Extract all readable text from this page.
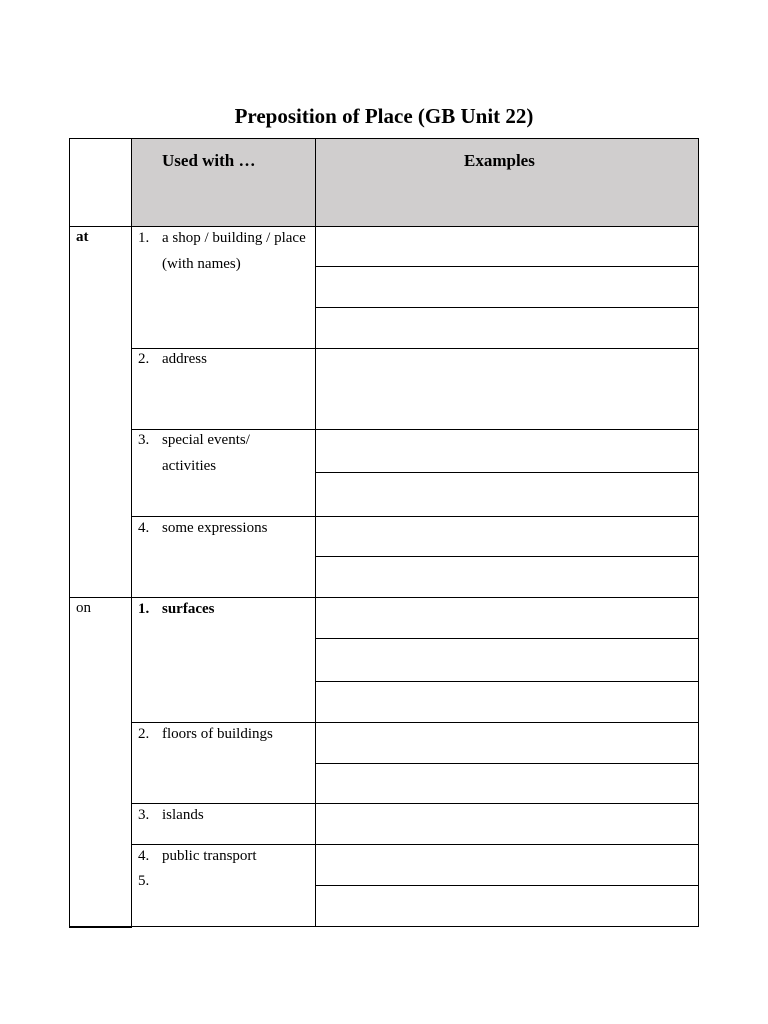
Preposition of Place (GB Unit 22)
Used with …	Examples
at
on
1. a shop / building / place (with names)
2. address
3. special events/ activities
4. some expressions
1. surfaces
2. floors of buildings
3. islands
4. public transport
5.
